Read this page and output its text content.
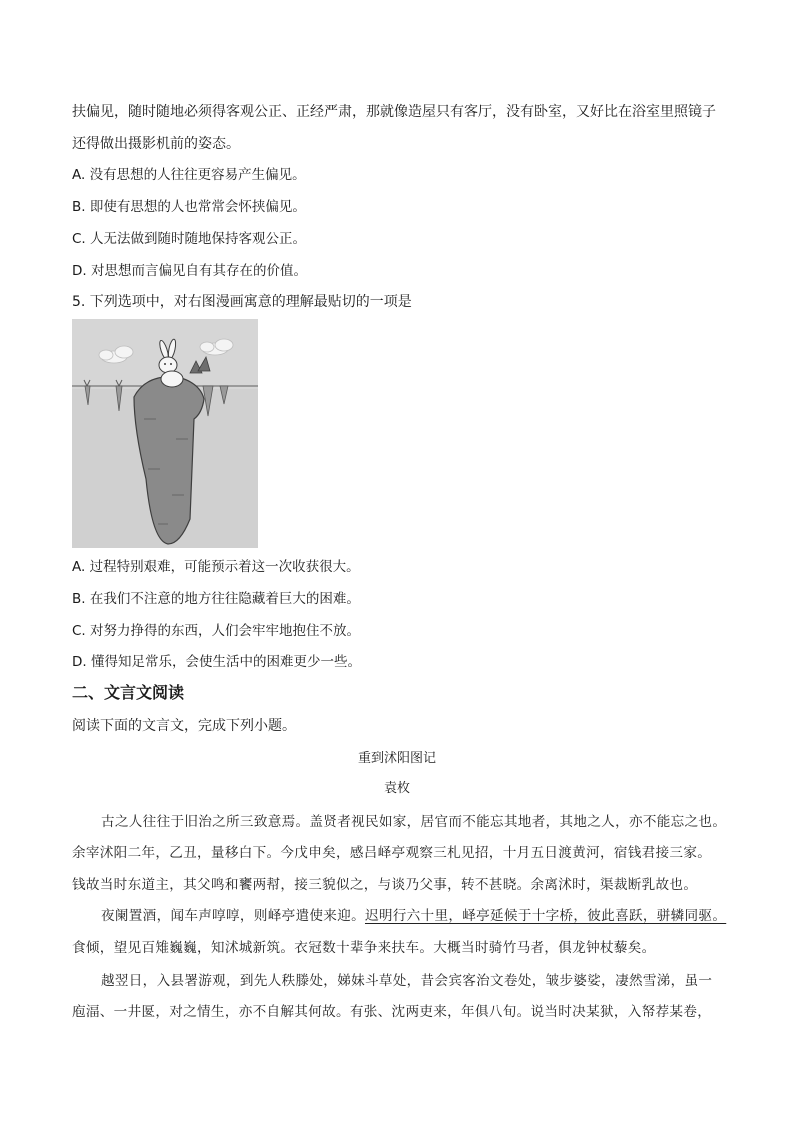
扶偏见，随时随地必须得客观公正、正经严肃，那就像造屋只有客厅，没有卧室，又好比在浴室里照镜子
还得做出摄影机前的姿态。
A. 没有思想的人往往更容易产生偏见。
B. 即使有思想的人也常常会怀挟偏见。
C. 人无法做到随时随地保持客观公正。
D. 对思想而言偏见自有其存在的价值。
5. 下列选项中，对右图漫画寓意的理解最贴切的一项是
A. 过程特别艰难，可能预示着这一次收获很大。
B. 在我们不注意的地方往往隐藏着巨大的困难。
C. 对努力挣得的东西，人们会牢牢地抱住不放。
D. 懂得知足常乐，会使生活中的困难更少一些。
二、文言文阅读
阅读下面的文言文，完成下列小题。
重到沭阳图记
袁枚
古之人往往于旧治之所三致意焉。盖贤者视民如家，居官而不能忘其地者，其地之人，亦不能忘之也。
余宰沭阳二年，乙丑，量移白下。今戊申矣，感吕峄亭观察三札见招，十月五日渡黄河，宿钱君接三家。
钱故当时东道主，其父鸣和饔两幇，接三貌似之，与谈乃父事，转不甚晓。余离沭时，渠裁断乳故也。
夜阑置酒，闻车声啍啍，则峄亭遣使来迎。迟明行六十里，峄亭延候于十字桥，彼此喜跃，骈辚同驱。
食倾，望见百雉巍巍，知沭城新筑。衣冠数十辈争来扶车。大概当时骑竹马者，俱龙钟杖藜矣。
越翌日，入县署游观，到先人秩滕处，娣妹斗草处，昔会宾客治文卷处，皱步婆娑，凄然雪涕，虽一
庖湢、一井匽，对之情生，亦不自解其何故。有张、沈两吏来，年俱八旬。说当时决某狱，入帑荐某卷，
